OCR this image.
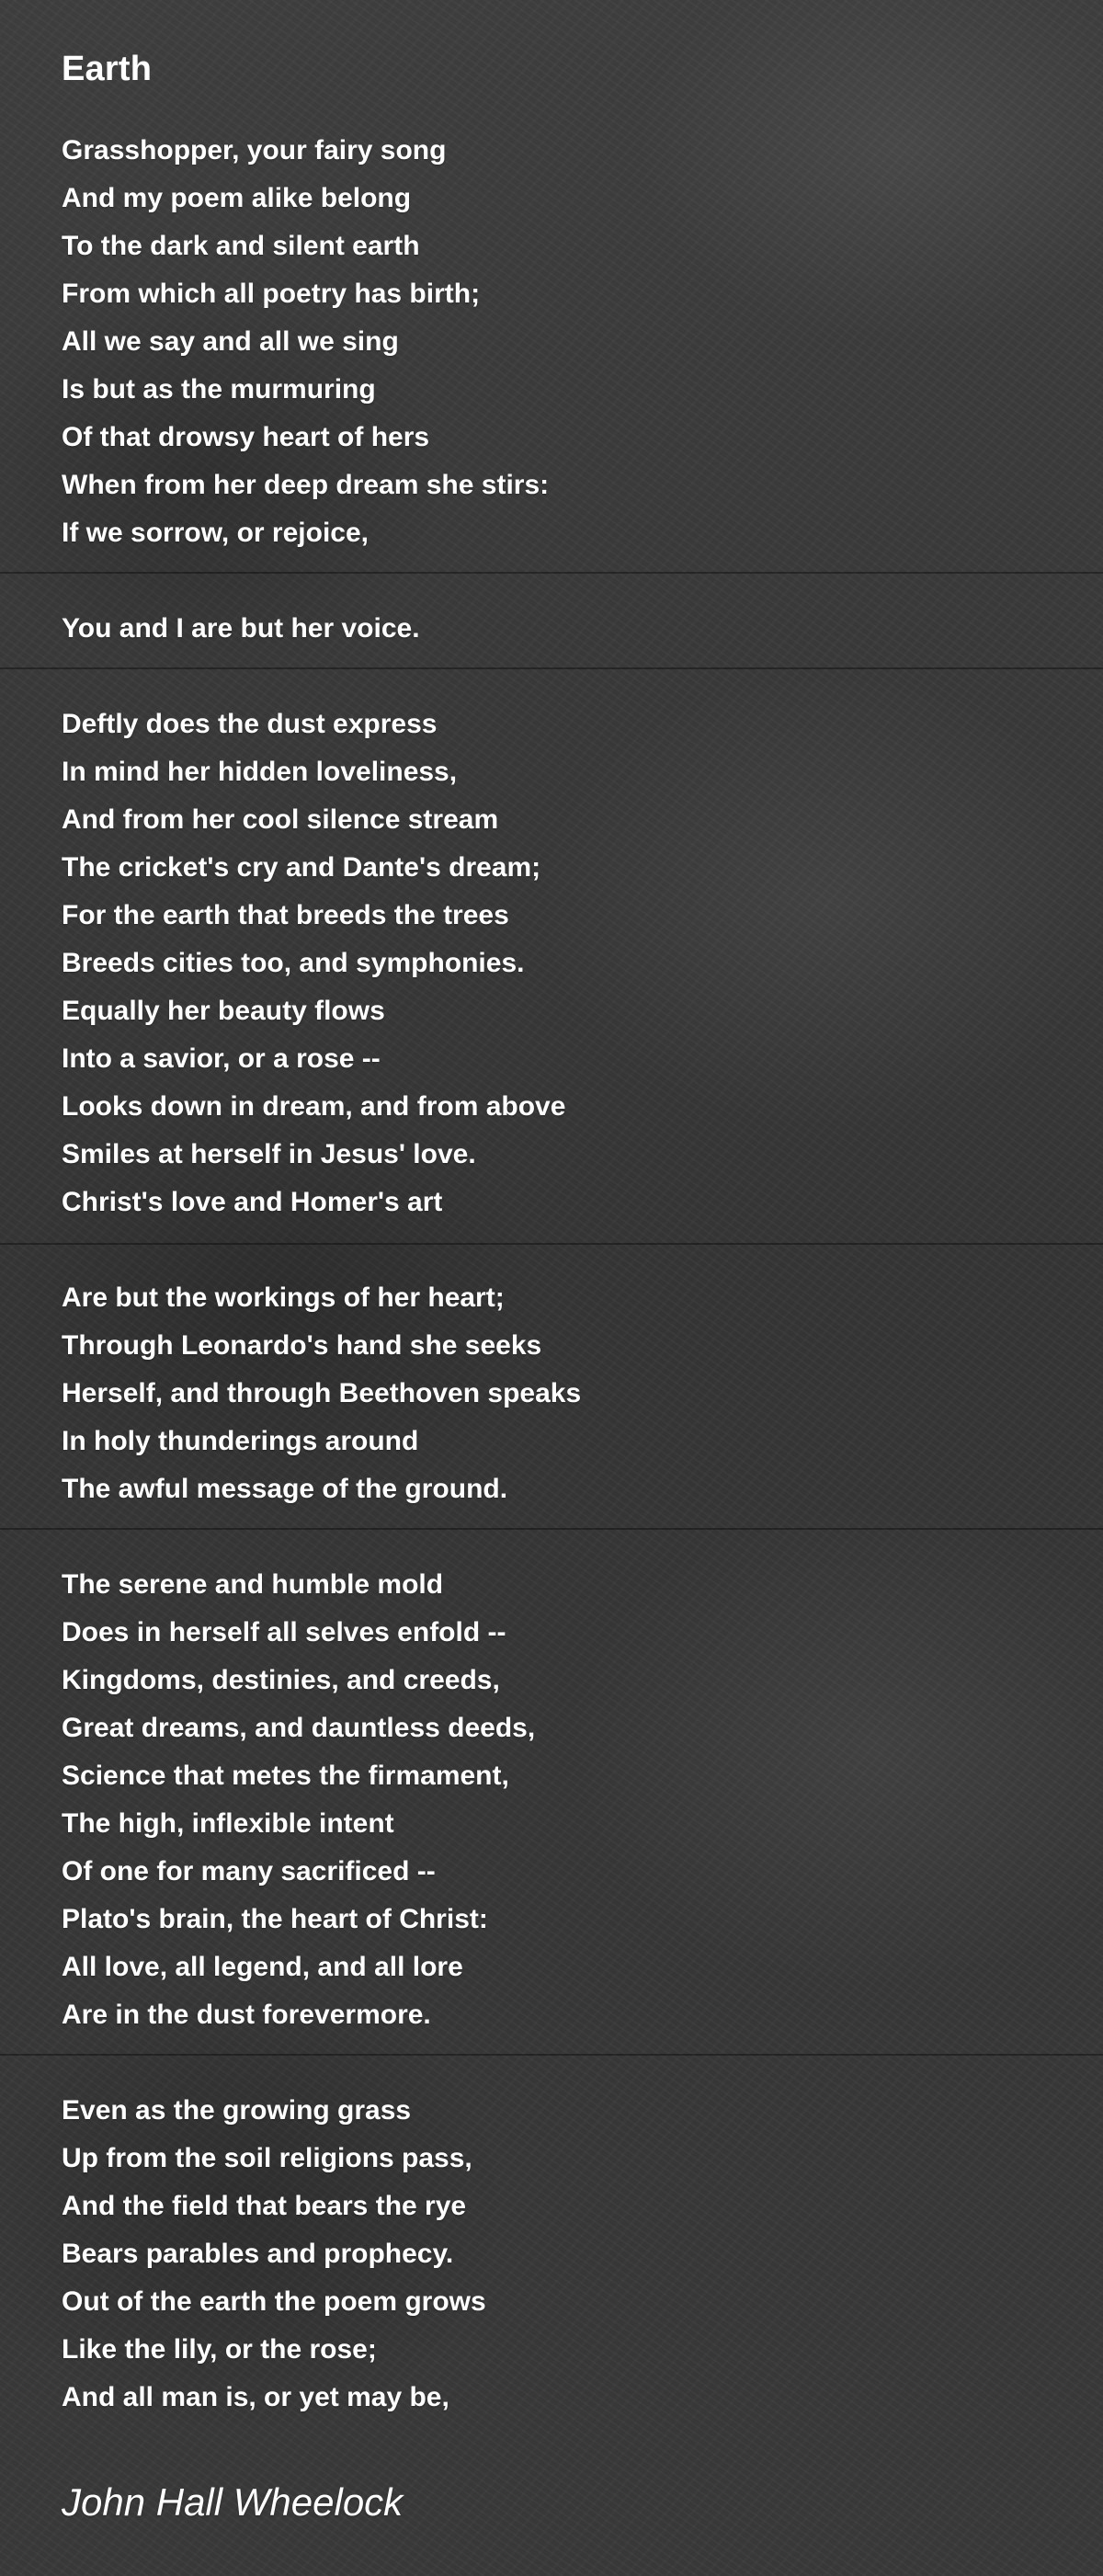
Earth
Grasshopper, your fairy song
And my poem alike belong
To the dark and silent earth
From which all poetry has birth;
All we say and all we sing
Is but as the murmuring
Of that drowsy heart of hers
When from her deep dream she stirs:
If we sorrow, or rejoice,
You and I are but her voice.
Deftly does the dust express
In mind her hidden loveliness,
And from her cool silence stream
The cricket's cry and Dante's dream;
For the earth that breeds the trees
Breeds cities too, and symphonies.
Equally her beauty flows
Into a savior, or a rose --
Looks down in dream, and from above
Smiles at herself in Jesus' love.
Christ's love and Homer's art
Are but the workings of her heart;
Through Leonardo's hand she seeks
Herself, and through Beethoven speaks
In holy thunderings around
The awful message of the ground.
The serene and humble mold
Does in herself all selves enfold --
Kingdoms, destinies, and creeds,
Great dreams, and dauntless deeds,
Science that metes the firmament,
The high, inflexible intent
Of one for many sacrificed --
Plato's brain, the heart of Christ:
All love, all legend, and all lore
Are in the dust forevermore.
Even as the growing grass
Up from the soil religions pass,
And the field that bears the rye
Bears parables and prophecy.
Out of the earth the poem grows
Like the lily, or the rose;
And all man is, or yet may be,
John Hall Wheelock
